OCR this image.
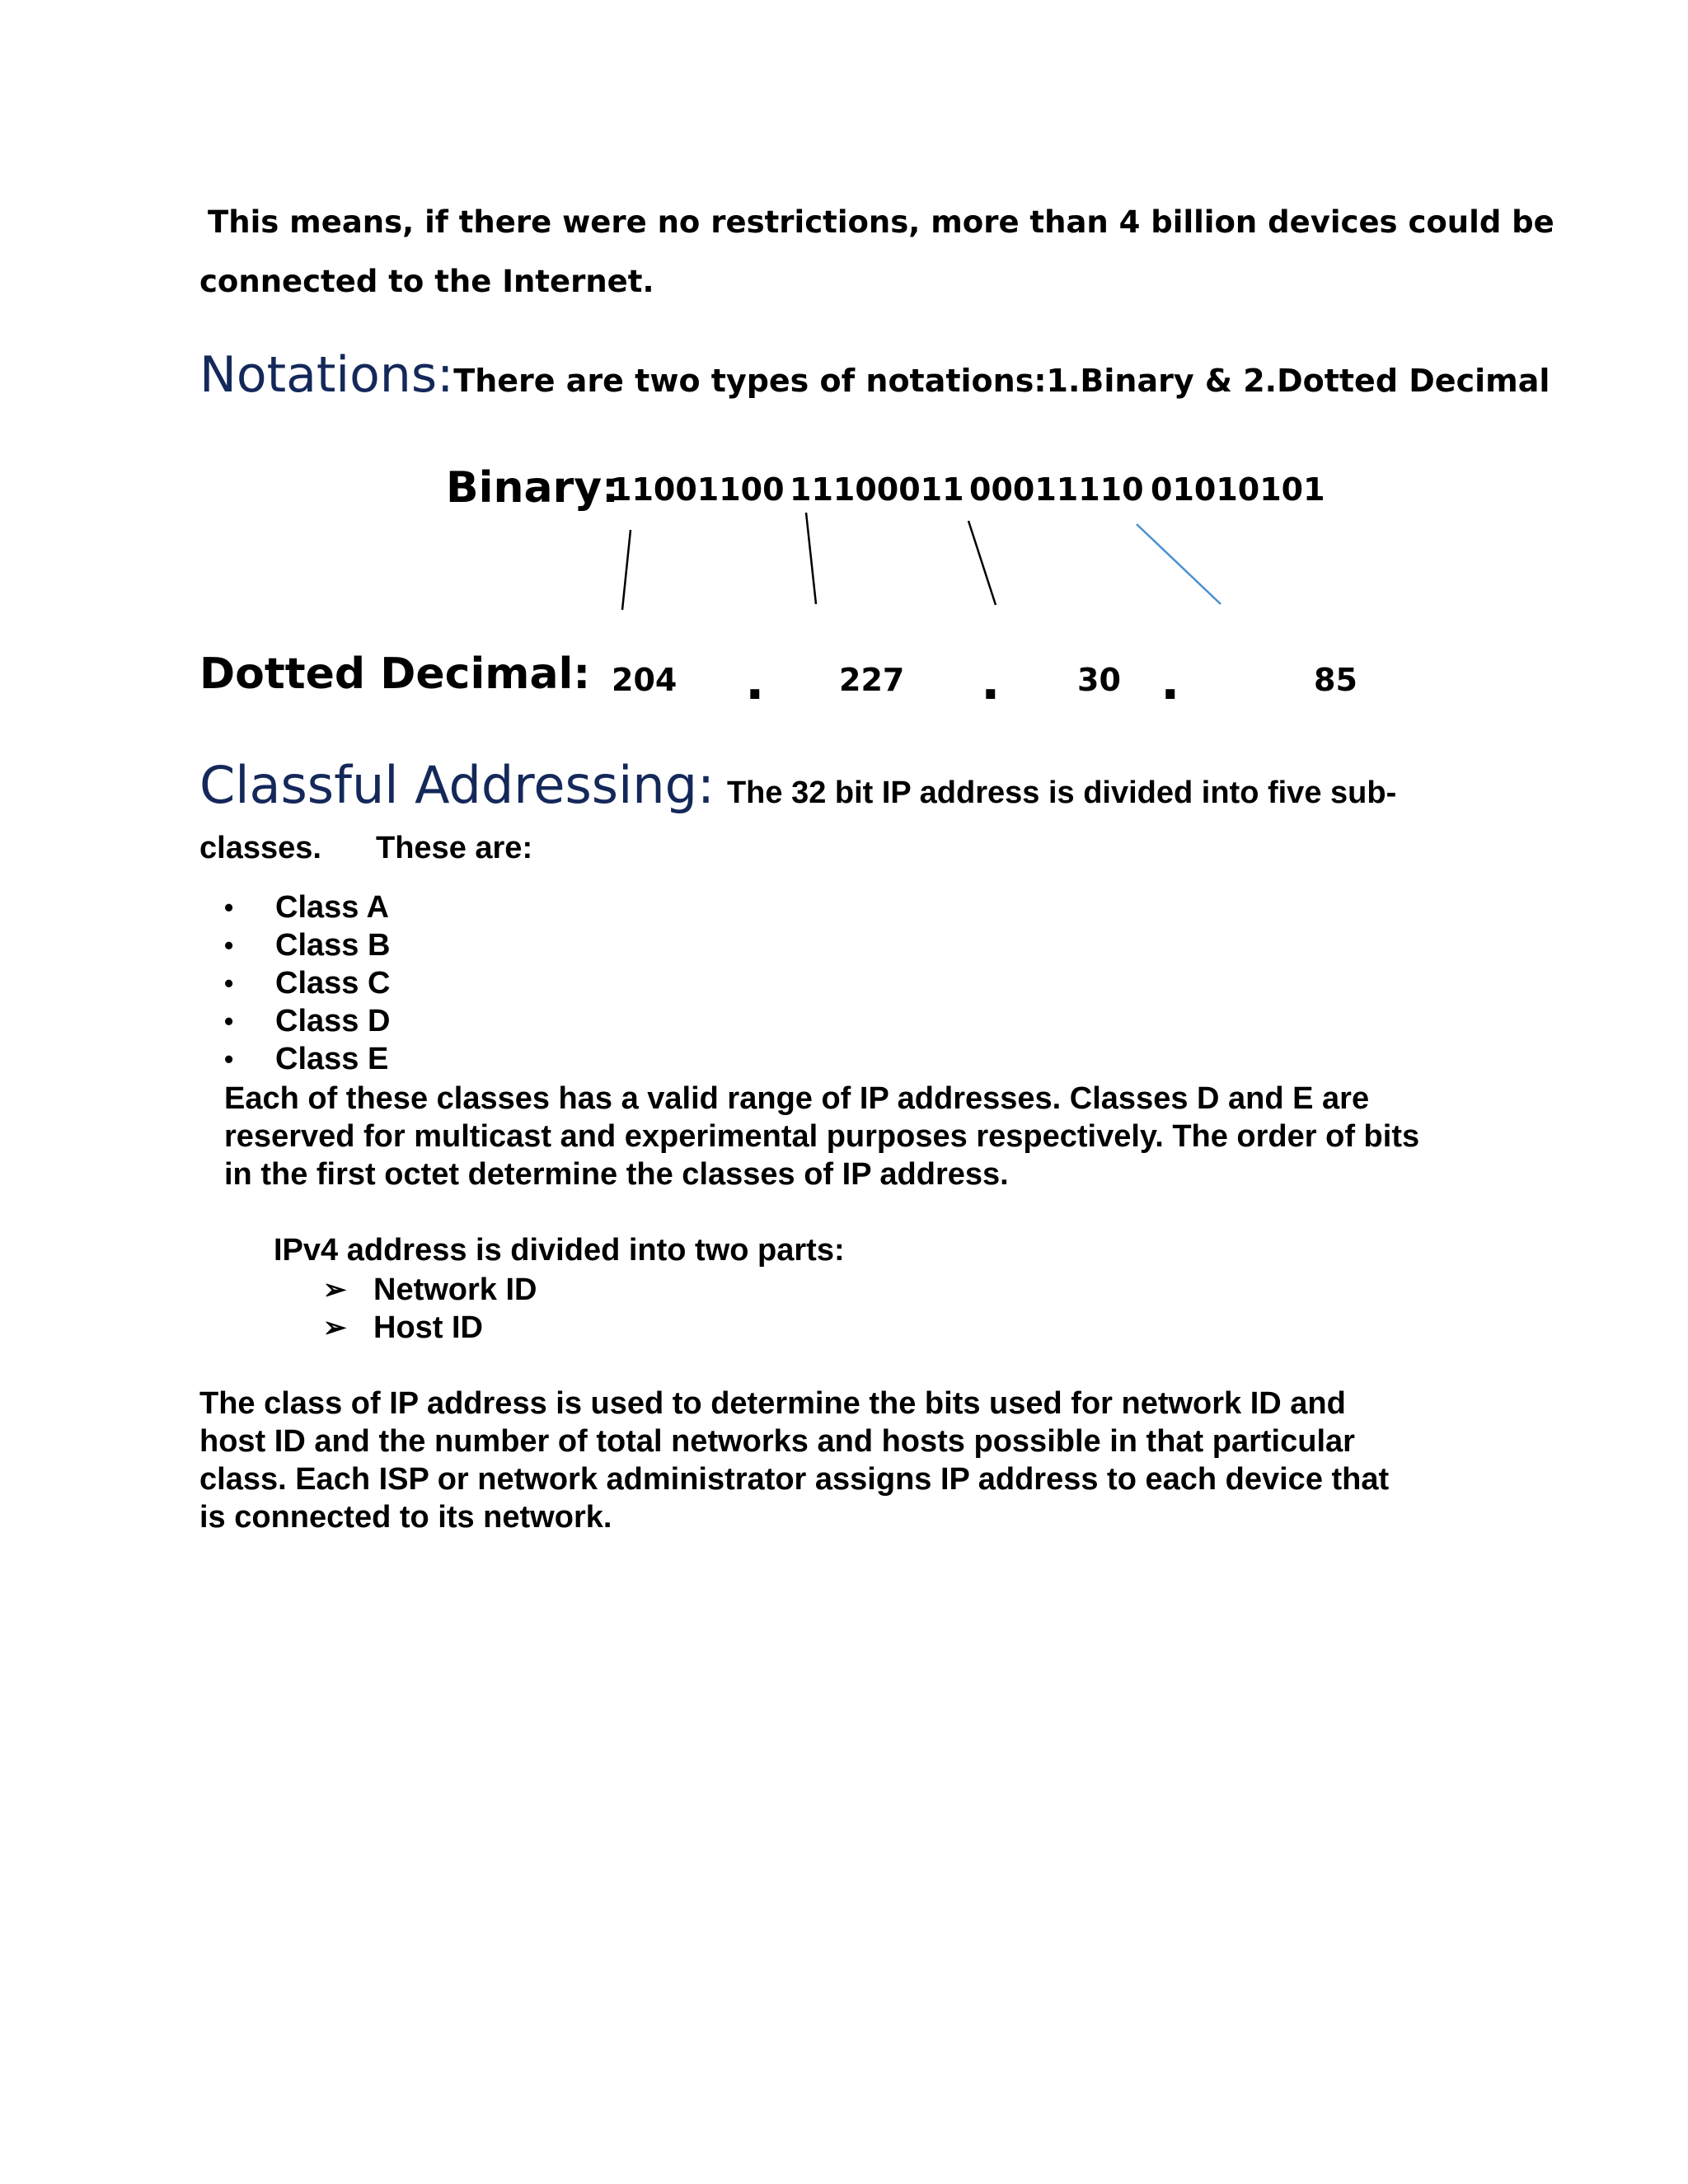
This means, if there were no restrictions, more than 4 billion devices could be
connected to the Internet.
Notations:There are two types of notations:1.Binary & 2.Dotted Decimal
Binary:
11001100 11100011 00011110 01010101
Dotted Decimal: 204 . 227 . 30 .	85
Classful Addressing: The 32 bit IP address is divided into five sub-
classes. These are:
• Class A
• Class B
• Class C
• Class D
• Class E
Each of these classes has a valid range of IP addresses. Classes D and E are
reserved for multicast and experimental purposes respectively. The order of bits
in the first octet determine the classes of IP address.
IPv4 address is divided into two parts:
➢ Network ID
➢ Host ID
The class of IP address is used to determine the bits used for network ID and
host ID and the number of total networks and hosts possible in that particular
class. Each ISP or network administrator assigns IP address to each device that
is connected to its network.
